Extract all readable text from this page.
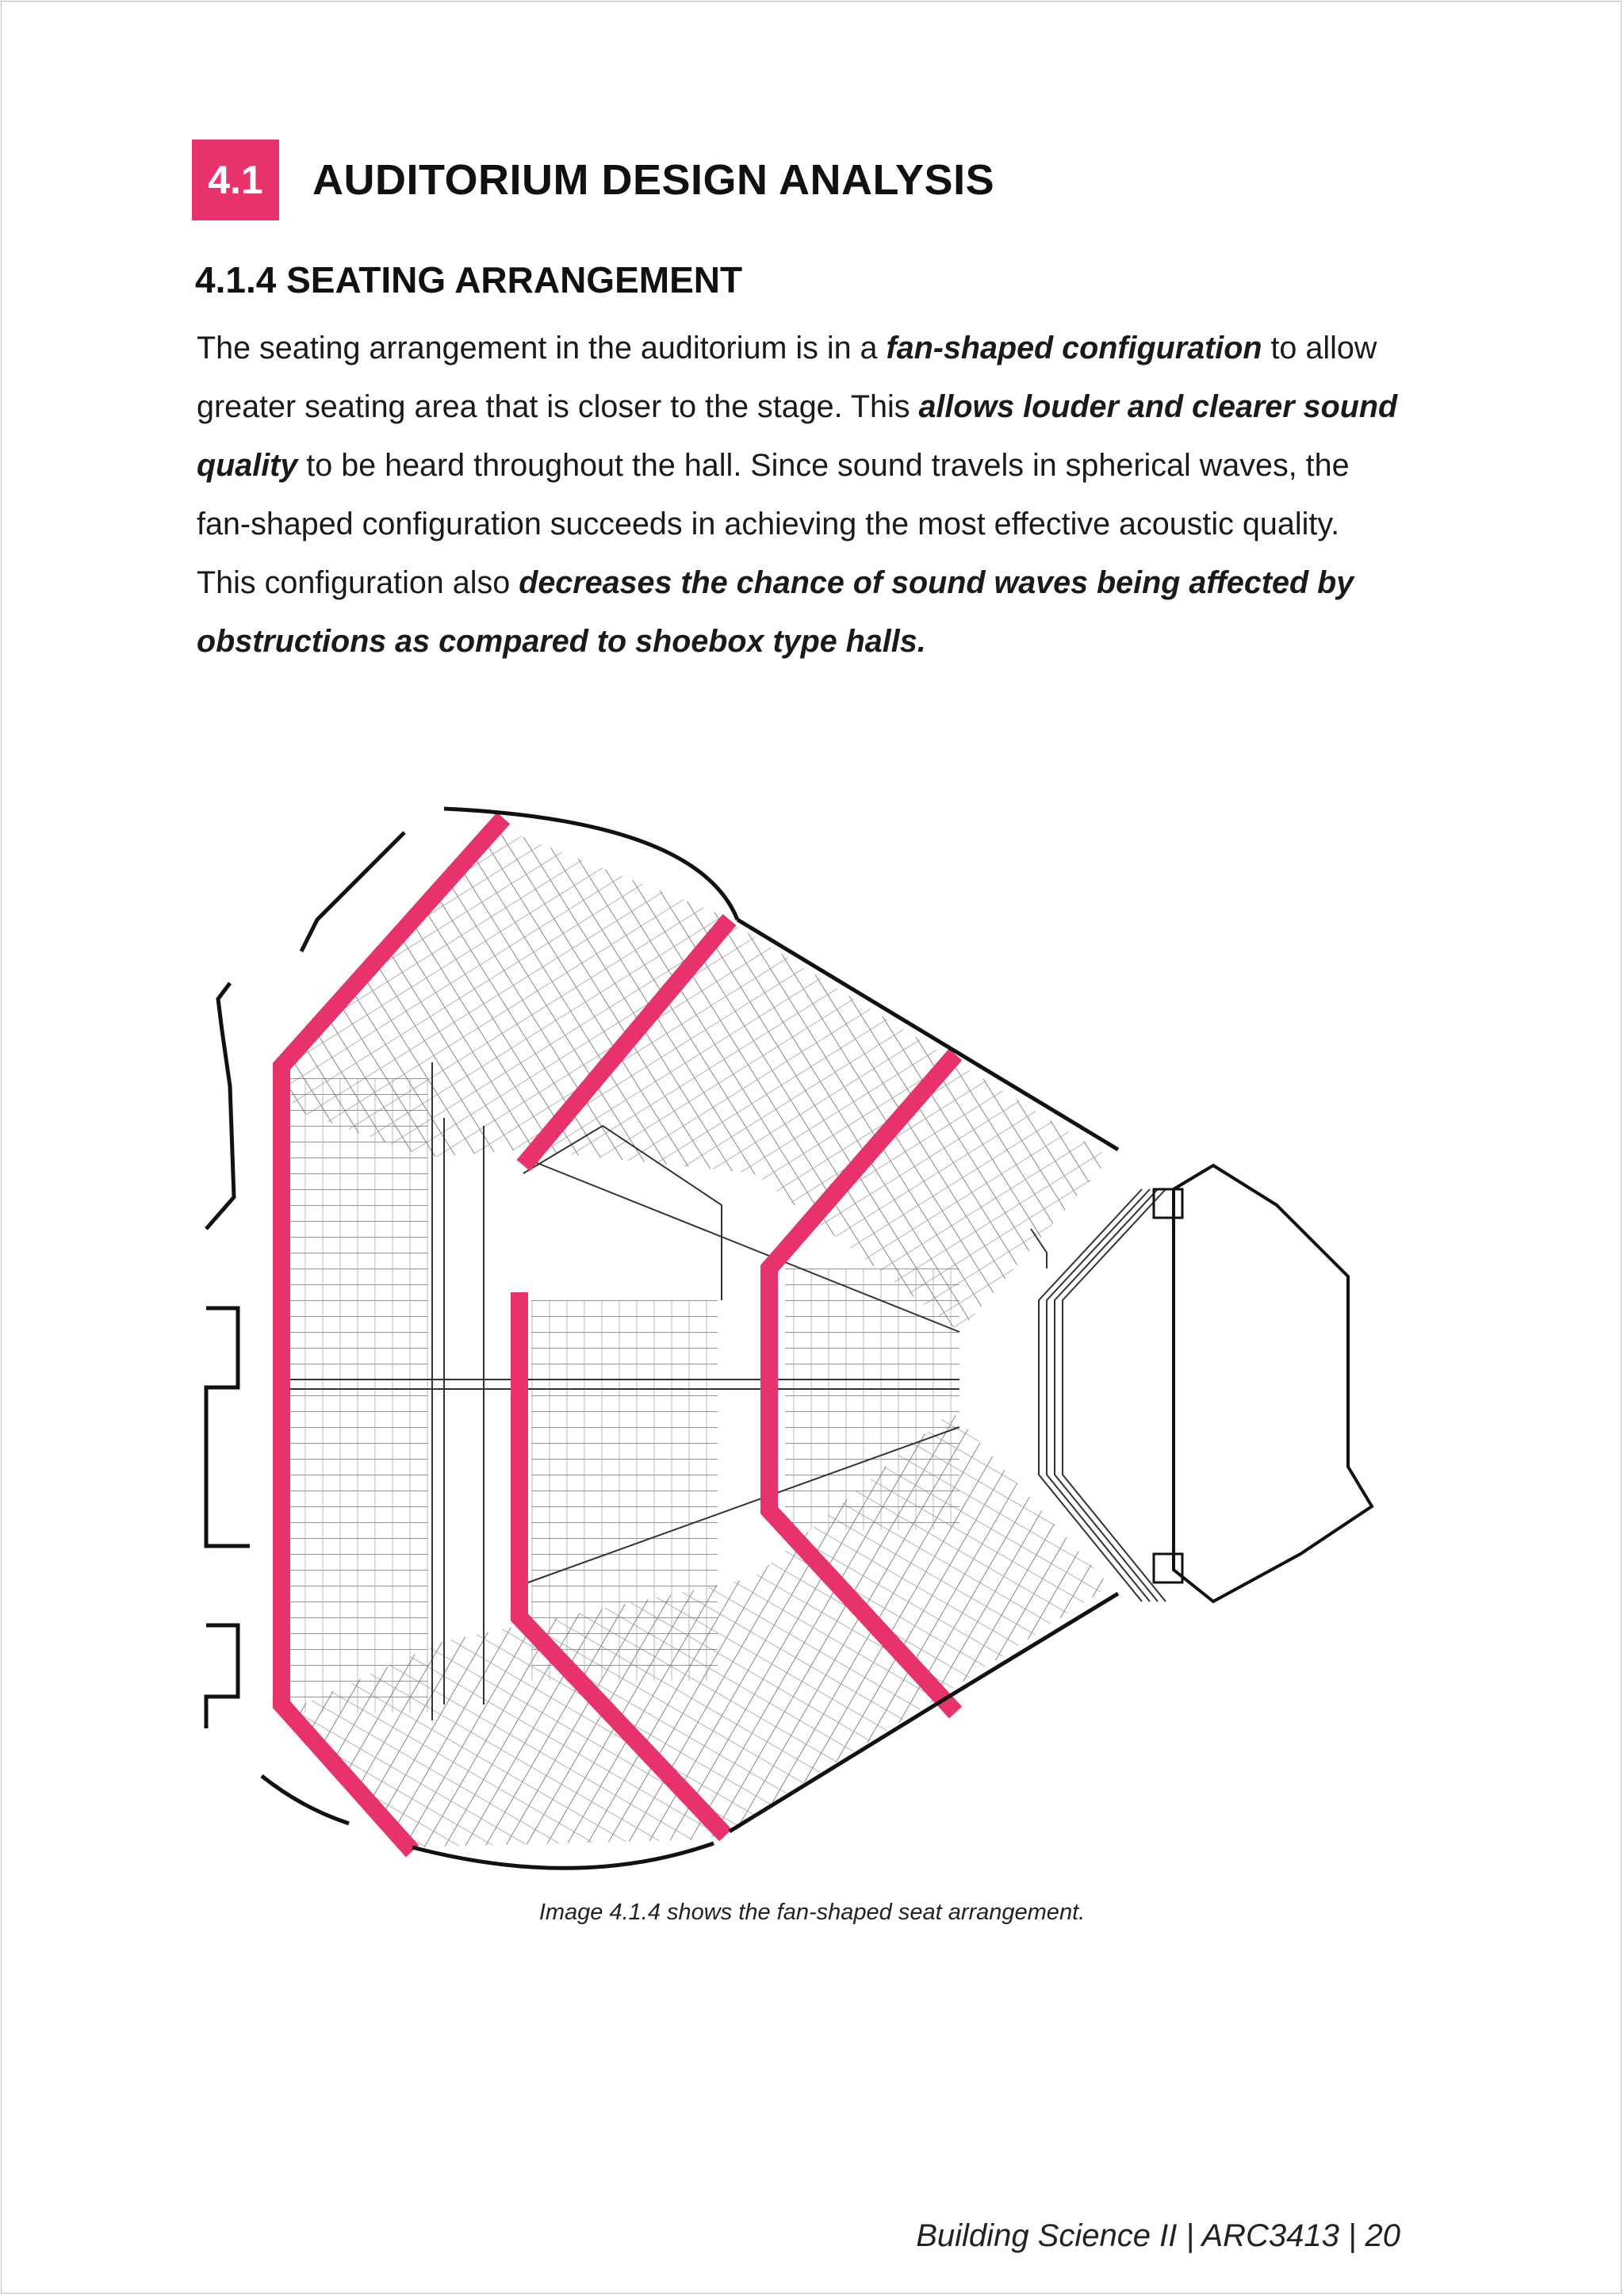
4.1	AUDITORIUM DESIGN ANALYSIS
4.1.4 SEATING ARRANGEMENT

The seating arrangement in the auditorium is in a fan-shaped configuration to allow greater seating area that is closer to the stage. This allows louder and clearer sound quality to be heard throughout the hall. Since sound travels in spherical waves, the fan-shaped configuration succeeds in achieving the most effective acoustic quality. This configuration also decreases the chance of sound waves being affected by obstructions as compared to shoebox type halls.

Image 4.1.4 shows the fan-shaped seat arrangement.
Building Science II | ARC3413 | 20
